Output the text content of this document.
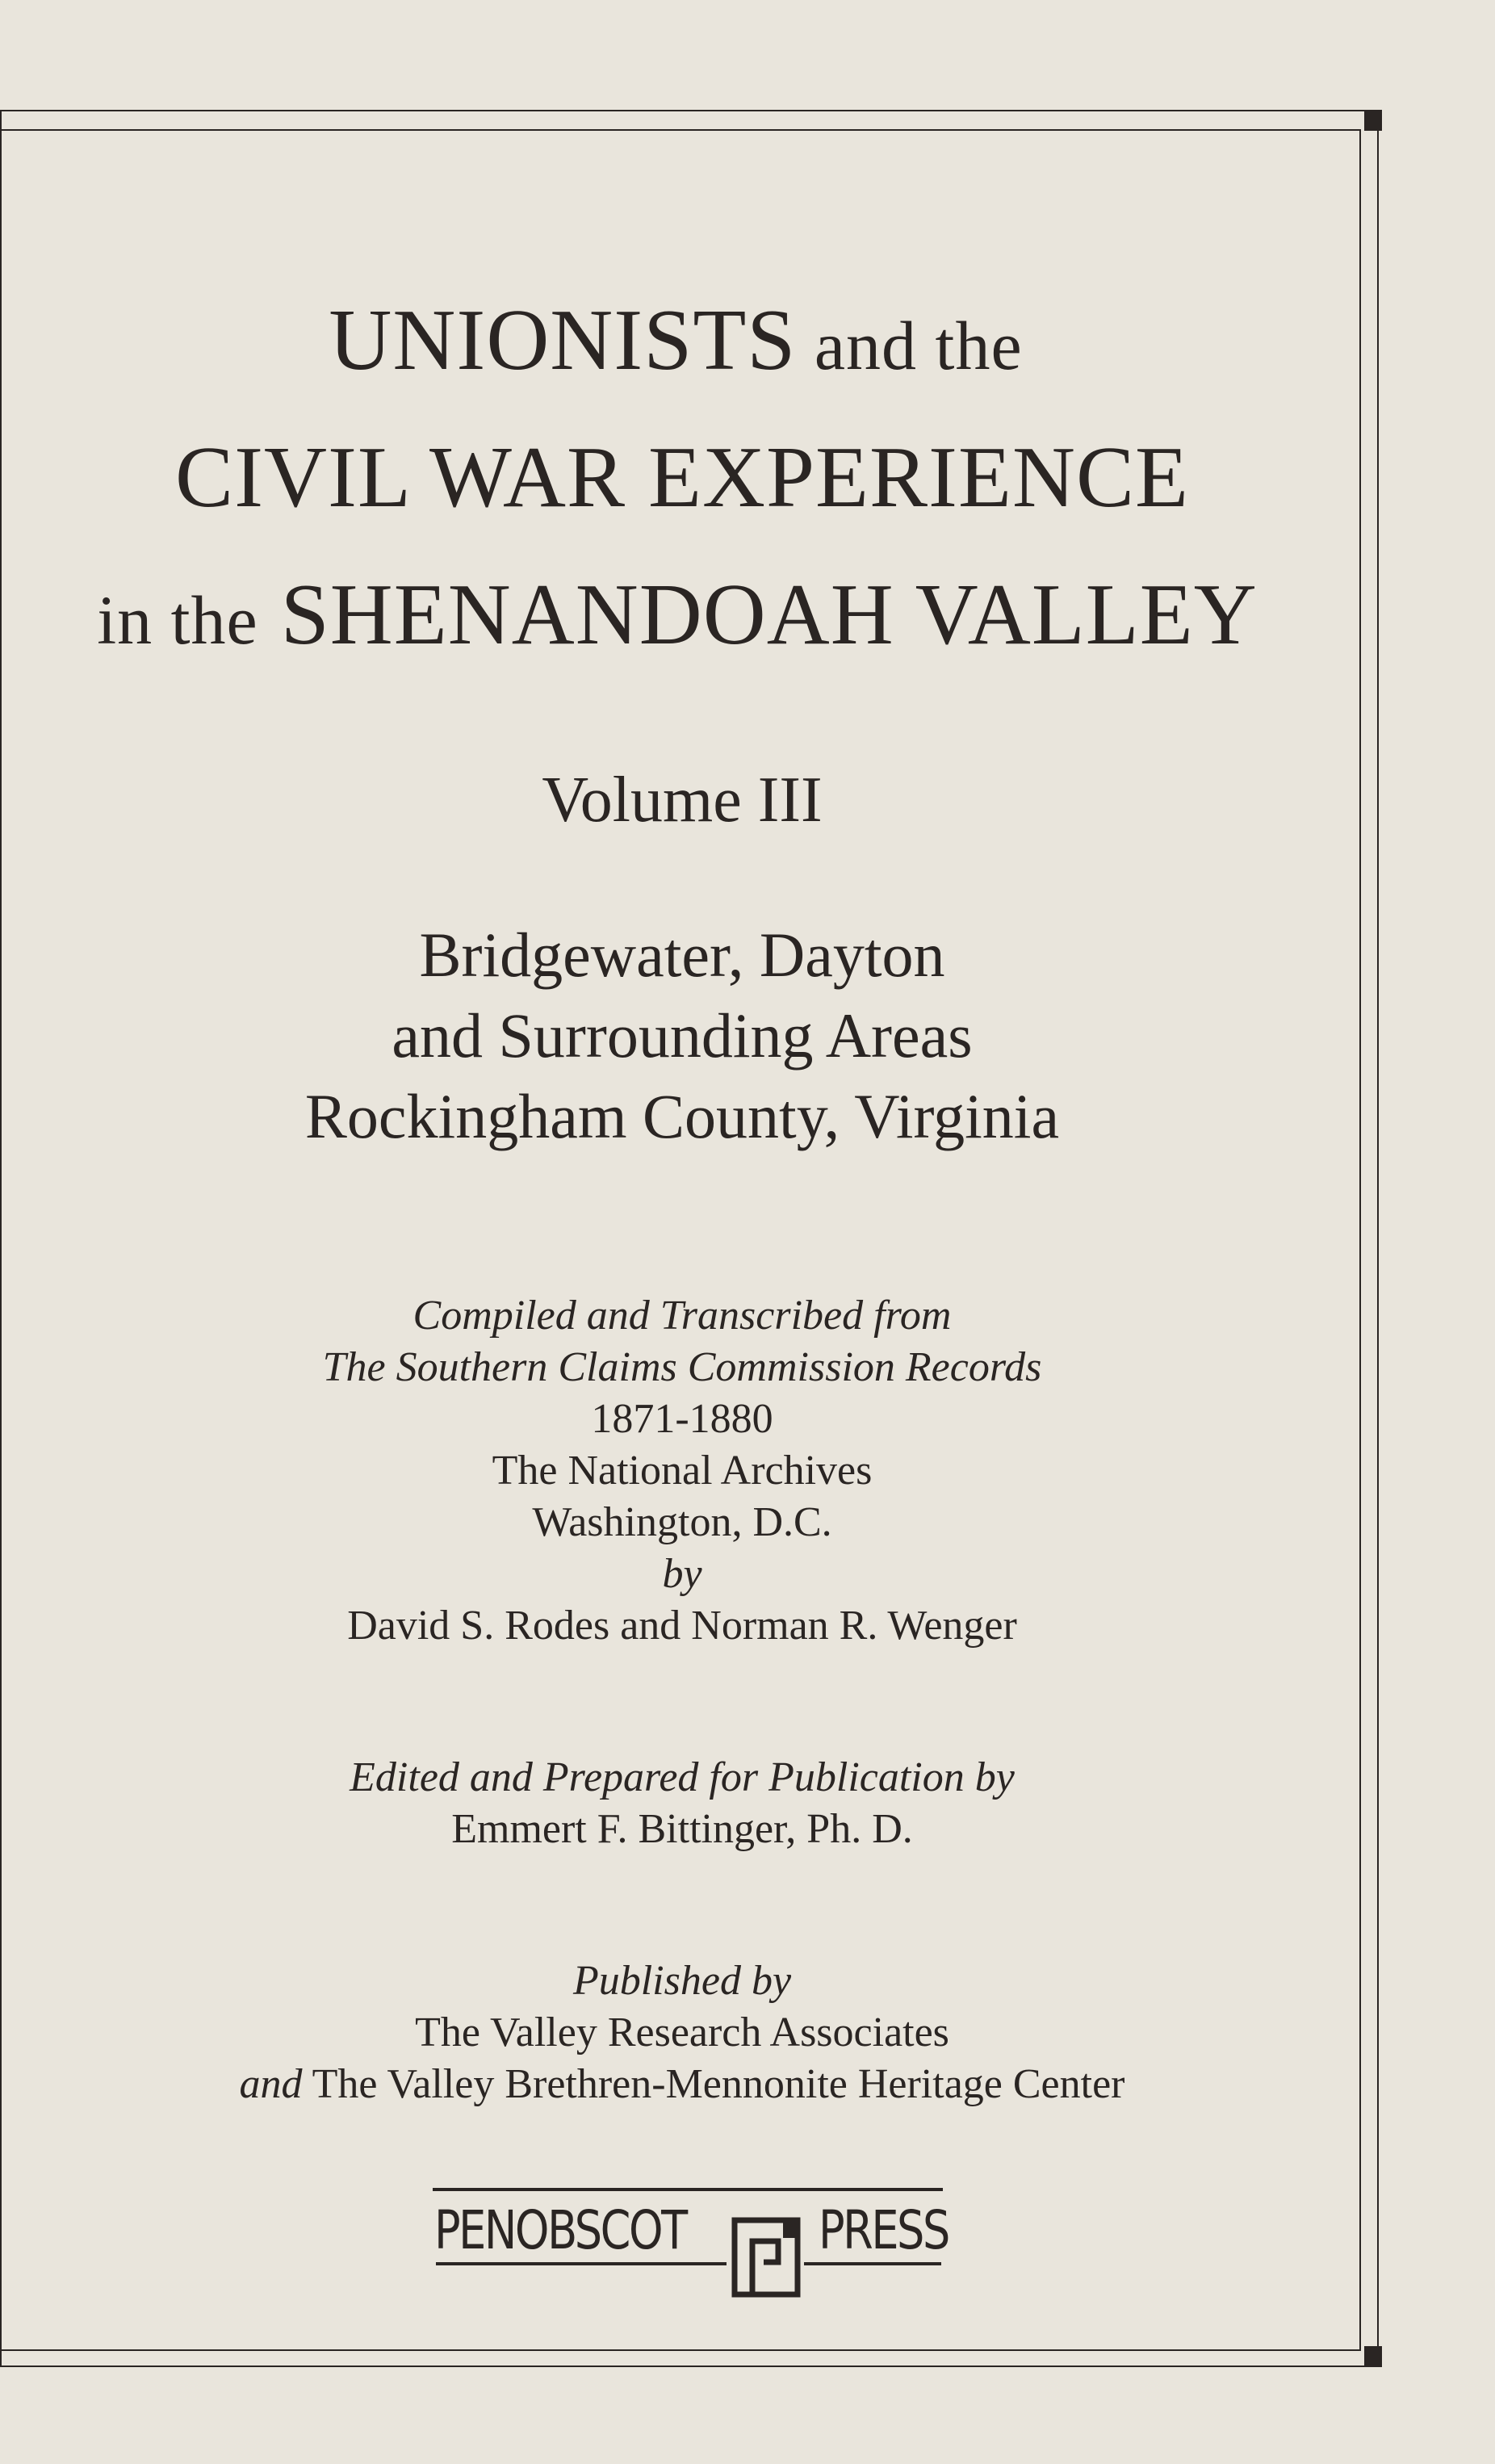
UNIONISTS and the
CIVIL WAR EXPERIENCE
in the SHENANDOAH VALLEY
Volume III
Bridgewater, Dayton
and Surrounding Areas
Rockingham County, Virginia
Compiled and Transcribed from
The Southern Claims Commission Records
1871-1880
The National Archives
Washington, D.C.
by
David S. Rodes and Norman R. Wenger
Edited and Prepared for Publication by
Emmert F. Bittinger, Ph. D.
Published by
The Valley Research Associates
and The Valley Brethren-Mennonite Heritage Center
PENOBSCOT PRESS
